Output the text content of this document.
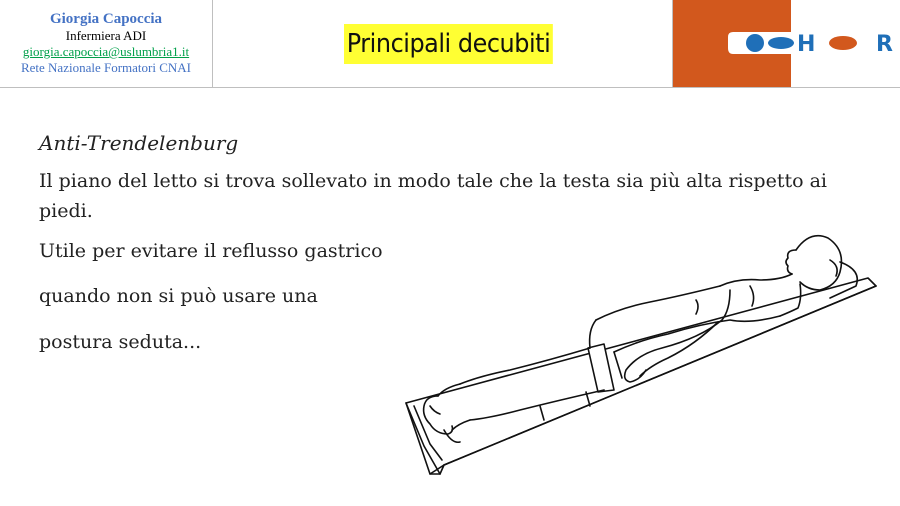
Giorgia Capoccia
Infermiera ADI
giorgia.capoccia@uslumbria1.it
Rete Nazionale Formatori CNAI
Principali decubiti	H	R

Anti-Trendelenburg

Il piano del letto si trova sollevato in modo tale che la testa sia più alta rispetto ai piedi.

Utile per evitare il reflusso gastrico

quando non si può usare una

postura seduta...
